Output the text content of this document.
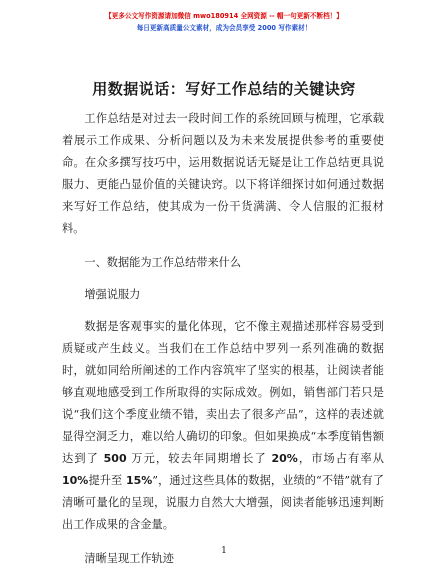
【更多公文写作资源请加微信 mwo180914 全网资源 -- 帽一句更新不断档！】
每日更新高质量公文素材，成为会员享受 2000 写作素材！
用数据说话：写好工作总结的关键诀窍

工作总结是对过去一段时间工作的系统回顾与梳理，它承载着展示工作成果、分析问题以及为未来发展提供参考的重要使命。在众多撰写技巧中，运用数据说话无疑是让工作总结更具说服力、更能凸显价值的关键诀窍。以下将详细探讨如何通过数据来写好工作总结，使其成为一份干货满满、令人信服的汇报材料。

一、数据能为工作总结带来什么

增强说服力

数据是客观事实的量化体现，它不像主观描述那样容易受到质疑或产生歧义。当我们在工作总结中罗列一系列准确的数据时，就如同给所阐述的工作内容筑牢了坚实的根基，让阅读者能够直观地感受到工作所取得的实际成效。例如，销售部门若只是说“我们这个季度业绩不错，卖出去了很多产品”，这样的表述就显得空洞乏力，难以给人确切的印象。但如果换成“本季度销售额达到了 500 万元，较去年同期增长了 20%，市场占有率从 10%提升至 15%”，通过这些具体的数据，业绩的“不错”就有了清晰可量化的呈现，说服力自然大大增强，阅读者能够迅速判断出工作成果的含金量。

清晰呈现工作轨迹

1
